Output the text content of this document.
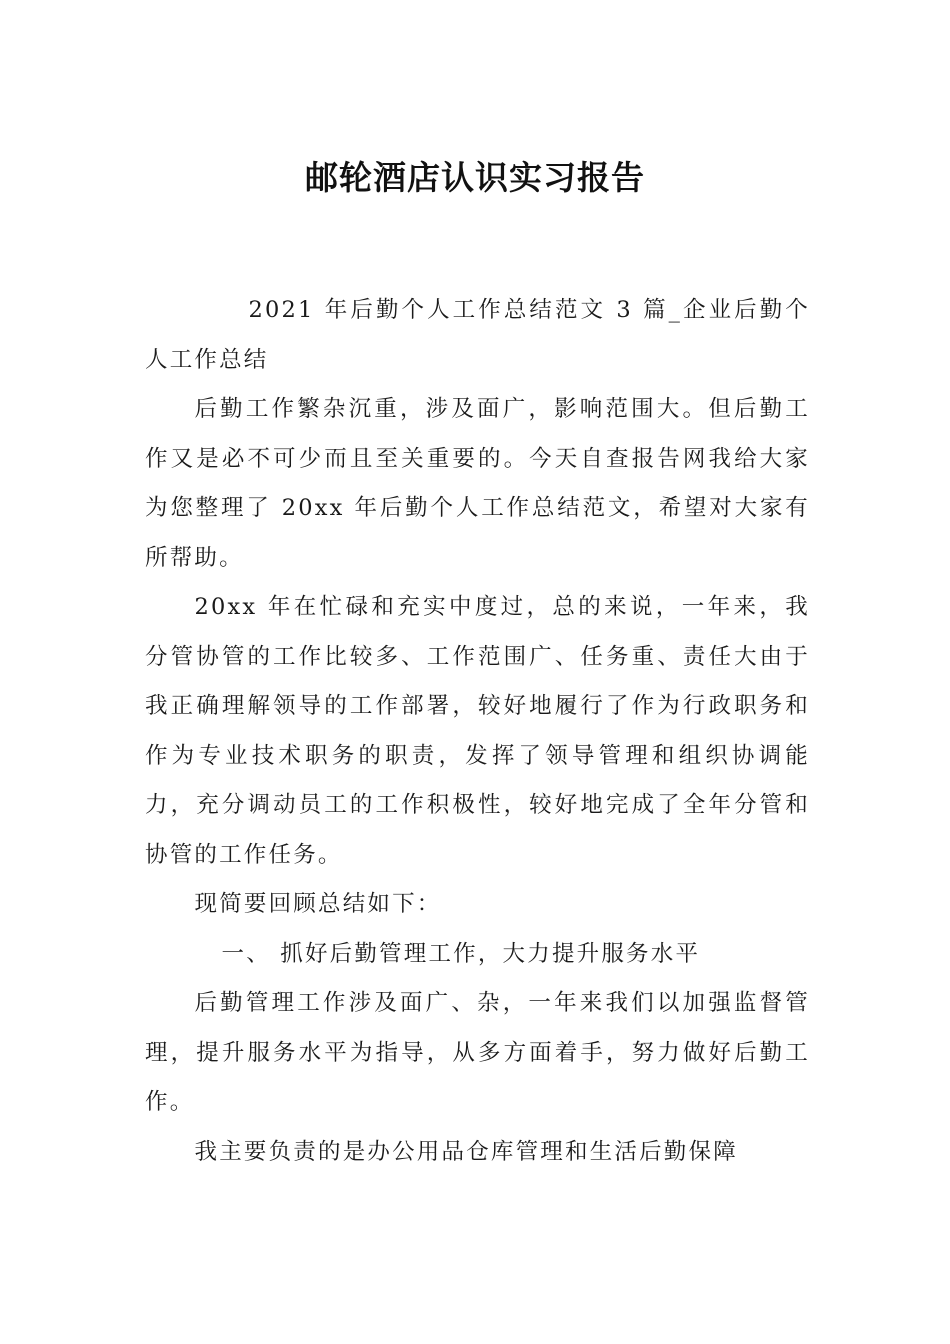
邮轮酒店认识实习报告

2021 年后勤个人工作总结范文 3 篇_企业后勤个人工作总结

后勤工作繁杂沉重，涉及面广，影响范围大。但后勤工作又是必不可少而且至关重要的。今天自查报告网我给大家为您整理了 20xx 年后勤个人工作总结范文，希望对大家有所帮助。

20xx 年在忙碌和充实中度过，总的来说，一年来，我分管协管的工作比较多、工作范围广、任务重、责任大由于我正确理解领导的工作部署，较好地履行了作为行政职务和作为专业技术职务的职责，发挥了领导管理和组织协调能力，充分调动员工的工作积极性，较好地完成了全年分管和协管的工作任务。

现简要回顾总结如下：

一、 抓好后勤管理工作，大力提升服务水平

后勤管理工作涉及面广、杂，一年来我们以加强监督管理，提升服务水平为指导，从多方面着手，努力做好后勤工作。

我主要负责的是办公用品仓库管理和生活后勤保障
